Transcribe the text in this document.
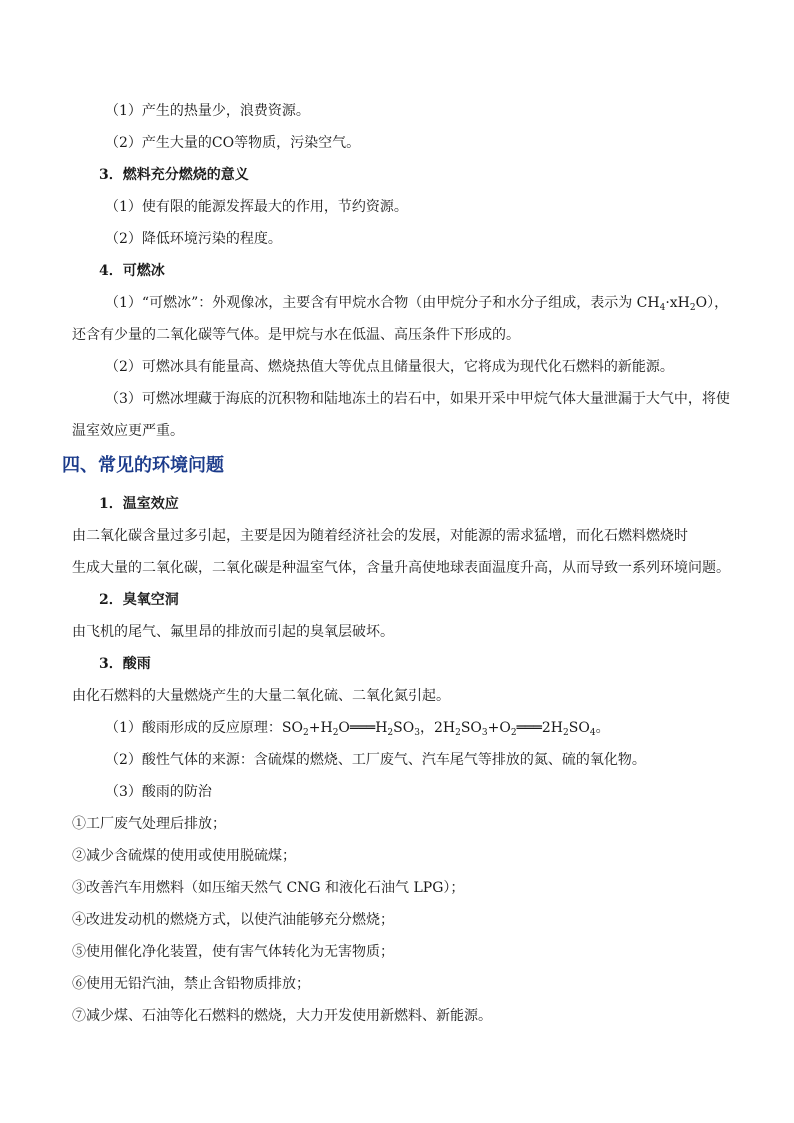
（1）产生的热量少，浪费资源。
（2）产生大量的CO等物质，污染空气。
3．燃料充分燃烧的意义
（1）使有限的能源发挥最大的作用，节约资源。
（2）降低环境污染的程度。
4．可燃冰
（1）“可燃冰”：外观像冰，主要含有甲烷水合物（由甲烷分子和水分子组成，表示为 $CH_4\cdot xH_2O$），
还含有少量的二氧化碳等气体。是甲烷与水在低温、高压条件下形成的。
（2）可燃冰具有能量高、燃烧热值大等优点且储量很大，它将成为现代化石燃料的新能源。
（3）可燃冰埋藏于海底的沉积物和陆地冻土的岩石中，如果开采中甲烷气体大量泄漏于大气中，将使
温室效应更严重。
四、常见的环境问题
1．温室效应
由二氧化碳含量过多引起，主要是因为随着经济社会的发展，对能源的需求猛增，而化石燃料燃烧时
生成大量的二氧化碳，二氧化碳是种温室气体，含量升高使地球表面温度升高，从而导致一系列环境问题。
2．臭氧空洞
由飞机的尾气、氟里昂的排放而引起的臭氧层破坏。
3．酸雨
由化石燃料的大量燃烧产生的大量二氧化硫、二氧化氮引起。
（1）酸雨形成的反应原理：$SO_2+H_2O═══H_2SO_3$，$2H_2SO_3+O_2═══2H_2SO_4$。
（2）酸性气体的来源：含硫煤的燃烧、工厂废气、汽车尾气等排放的氮、硫的氧化物。
（3）酸雨的防治
①工厂废气处理后排放；
②减少含硫煤的使用或使用脱硫煤；
③改善汽车用燃料（如压缩天然气 CNG 和液化石油气 LPG）；
④改进发动机的燃烧方式，以使汽油能够充分燃烧；
⑤使用催化净化装置，使有害气体转化为无害物质；
⑥使用无铅汽油，禁止含铅物质排放；
⑦减少煤、石油等化石燃料的燃烧，大力开发使用新燃料、新能源。
